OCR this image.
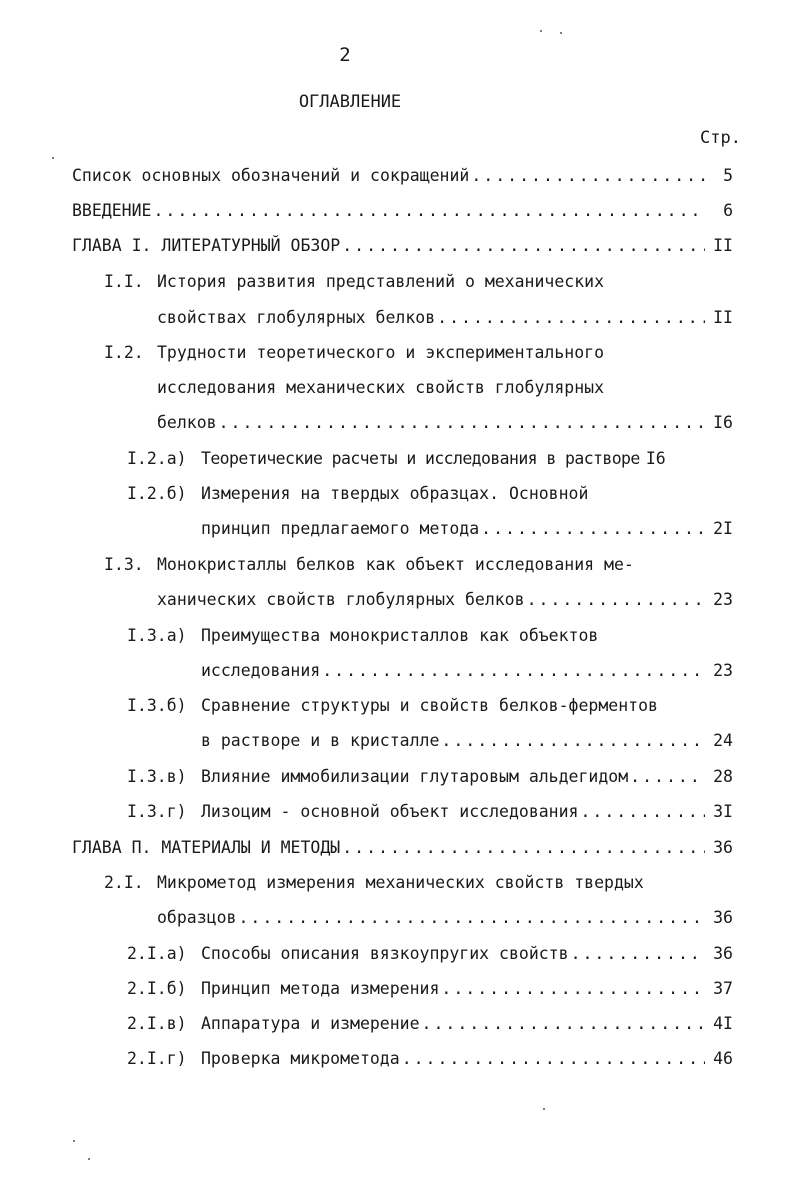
2
ОГЛАВЛЕНИЕ
Стр.
Список основных обозначений и сокращений .....	5
ВВЕДЕНИЕ .....	6
ГЛАВА I. ЛИТЕРАТУРНЫЙ ОБЗОР .....	II
I.I. История развития представлений о механических
свойствах глобулярных белков .....	II
I.2. Трудности теоретического и экспериментального
исследования механических свойств глобулярных
белков .....	I6
I.2.а) Теоретические расчеты и исследования в растворе I6
I.2.б) Измерения на твердых образцах. Основной
принцип предлагаемого метода .....	2I
I.3. Монокристаллы белков как объект исследования ме-
ханических свойств глобулярных белков .....	23
I.3.а) Преимущества монокристаллов как объектов
исследования .....	23
I.3.б) Сравнение структуры и свойств белков-ферментов
в растворе и в кристалле .....	24
I.3.в) Влияние иммобилизации глутаровым альдегидом .....	28
I.3.г) Лизоцим - основной объект исследования .....	3I
ГЛАВА П. МАТЕРИАЛЫ И МЕТОДЫ .....	36
2.I. Микрометод измерения механических свойств твердых
образцов .....	36
2.I.а) Способы описания вязкоупругих свойств .....	36
2.I.б) Принцип метода измерения .....	37
2.I.в) Аппаратура и измерение .....	4I
2.I.г) Проверка микрометода .....	46
